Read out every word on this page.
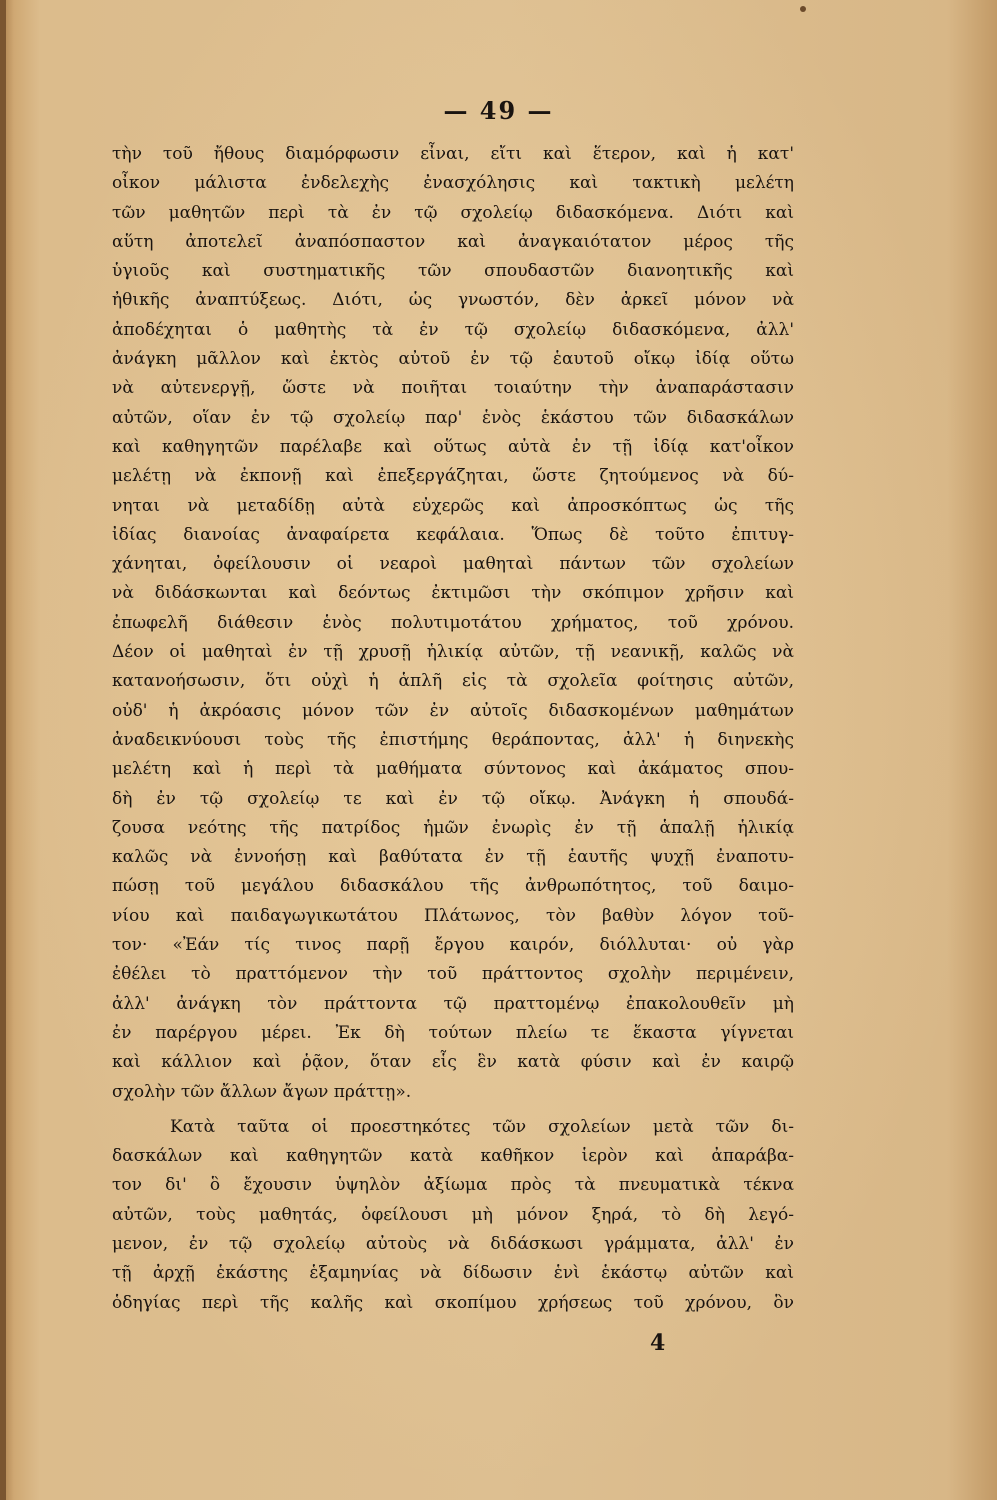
— 49 —
τὴν τοῦ ἤθους διαμόρφωσιν εἶναι, εἴτι καὶ ἕτερον, καὶ ἡ κατ'
οἶκον μάλιστα ἐνδελεχὴς ἐνασχόλησις καὶ τακτικὴ μελέτη
τῶν μαθητῶν περὶ τὰ ἐν τῷ σχολείῳ διδασκόμενα. Διότι καὶ
αὕτη ἀποτελεῖ ἀναπόσπαστον καὶ ἀναγκαιότατον μέρος τῆς
ὑγιοῦς καὶ συστηματικῆς τῶν σπουδαστῶν διανοητικῆς καὶ
ἠθικῆς ἀναπτύξεως. Διότι, ὡς γνωστόν, δὲν ἀρκεῖ μόνον νὰ
ἀποδέχηται ὁ μαθητὴς τὰ ἐν τῷ σχολείῳ διδασκόμενα, ἀλλ'
ἀνάγκη μᾶλλον καὶ ἐκτὸς αὐτοῦ ἐν τῷ ἑαυτοῦ οἴκῳ ἰδίᾳ οὕτω
νὰ αὐτενεργῇ, ὥστε νὰ ποιῆται τοιαύτην τὴν ἀναπαράστασιν
αὐτῶν, οἵαν ἐν τῷ σχολείῳ παρ' ἑνὸς ἑκάστου τῶν διδασκάλων
καὶ καθηγητῶν παρέλαβε καὶ οὕτως αὐτὰ ἐν τῇ ἰδίᾳ κατ'οἶκον
μελέτῃ νὰ ἐκπονῇ καὶ ἐπεξεργάζηται, ὥστε ζητούμενος νὰ δύ-
νηται νὰ μεταδίδῃ αὐτὰ εὐχερῶς καὶ ἀπροσκόπτως ὡς τῆς
ἰδίας διανοίας ἀναφαίρετα κεφάλαια. Ὅπως δὲ τοῦτο ἐπιτυγ-
χάνηται, ὀφείλουσιν οἱ νεαροὶ μαθηταὶ πάντων τῶν σχολείων
νὰ διδάσκωνται καὶ δεόντως ἐκτιμῶσι τὴν σκόπιμον χρῆσιν καὶ
ἐπωφελῆ διάθεσιν ἑνὸς πολυτιμοτάτου χρήματος, τοῦ χρόνου.
Δέον οἱ μαθηταὶ ἐν τῇ χρυσῇ ἡλικίᾳ αὐτῶν, τῇ νεανικῇ, καλῶς νὰ
κατανοήσωσιν, ὅτι οὐχὶ ἡ ἁπλῆ εἰς τὰ σχολεῖα φοίτησις αὐτῶν,
οὐδ' ἡ ἀκρόασις μόνον τῶν ἐν αὐτοῖς διδασκομένων μαθημάτων
ἀναδεικνύουσι τοὺς τῆς ἐπιστήμης θεράποντας, ἀλλ' ἡ διηνεκὴς
μελέτη καὶ ἡ περὶ τὰ μαθήματα σύντονος καὶ ἀκάματος σπου-
δὴ ἐν τῷ σχολείῳ τε καὶ ἐν τῷ οἴκῳ. Ἀνάγκη ἡ σπουδά-
ζουσα νεότης τῆς πατρίδος ἡμῶν ἐνωρὶς ἐν τῇ ἁπαλῇ ἡλικίᾳ
καλῶς νὰ ἐννοήσῃ καὶ βαθύτατα ἐν τῇ ἑαυτῆς ψυχῇ ἐναποτυ-
πώσῃ τοῦ μεγάλου διδασκάλου τῆς ἀνθρωπότητος, τοῦ δαιμο-
νίου καὶ παιδαγωγικωτάτου Πλάτωνος, τὸν βαθὺν λόγον τοῦ-
τον· «Ἐάν τίς τινος παρῇ ἔργου καιρόν, διόλλυται· οὐ γὰρ
ἐθέλει τὸ πραττόμενον τὴν τοῦ πράττοντος σχολὴν περιμένειν,
ἀλλ' ἀνάγκη τὸν πράττοντα τῷ πραττομένῳ ἐπακολουθεῖν μὴ
ἐν παρέργου μέρει. Ἐκ δὴ τούτων πλείω τε ἕκαστα γίγνεται
καὶ κάλλιον καὶ ῥᾷον, ὅταν εἷς ἓν κατὰ φύσιν καὶ ἐν καιρῷ
σχολὴν τῶν ἄλλων ἄγων πράττῃ».
Κατὰ ταῦτα οἱ προεστηκότες τῶν σχολείων μετὰ τῶν δι-
δασκάλων καὶ καθηγητῶν κατὰ καθῆκον ἱερὸν καὶ ἀπαράβα-
τον δι' ὃ ἔχουσιν ὑψηλὸν ἀξίωμα πρὸς τὰ πνευματικὰ τέκνα
αὐτῶν, τοὺς μαθητάς, ὀφείλουσι μὴ μόνον ξηρά, τὸ δὴ λεγό-
μενον, ἐν τῷ σχολείῳ αὐτοὺς νὰ διδάσκωσι γράμματα, ἀλλ' ἐν
τῇ ἀρχῇ ἑκάστης ἑξαμηνίας νὰ δίδωσιν ἑνὶ ἑκάστῳ αὐτῶν καὶ
ὁδηγίας περὶ τῆς καλῆς καὶ σκοπίμου χρήσεως τοῦ χρόνου, ὃν
4
